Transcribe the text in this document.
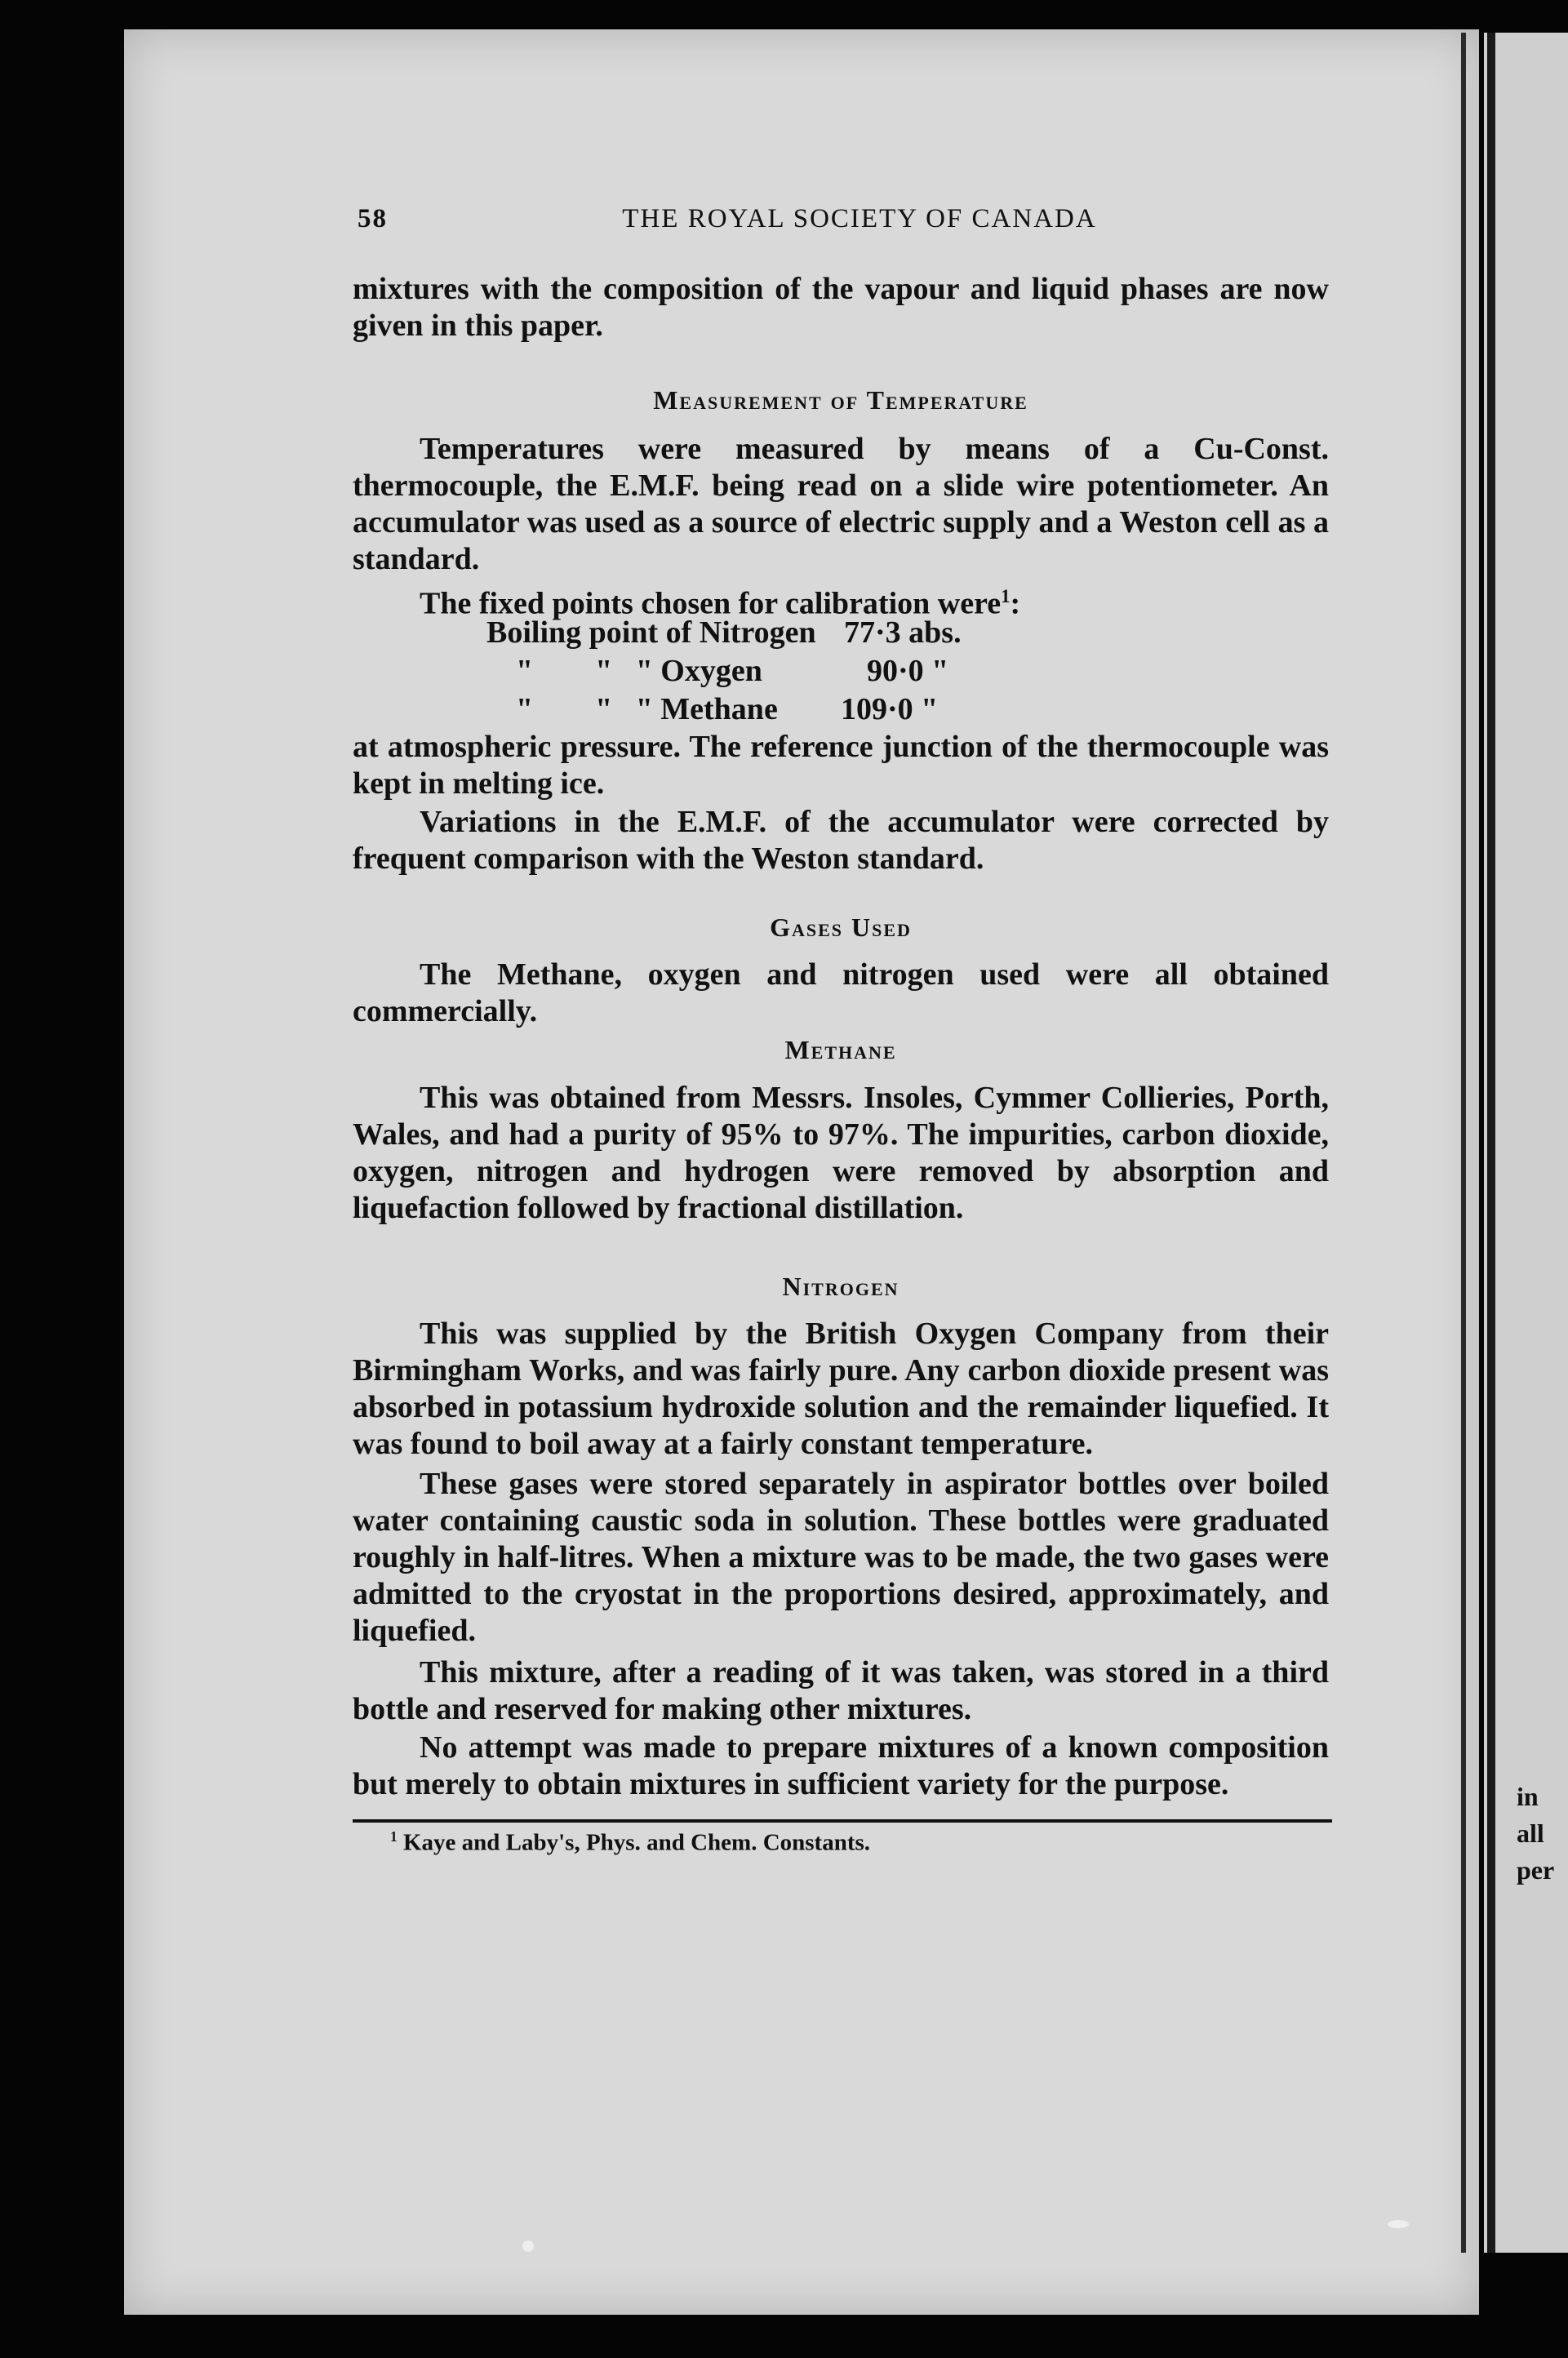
in
all
per
58	THE ROYAL SOCIETY OF CANADA

mixtures with the composition of the vapour and liquid phases are now given in this paper.

Measurement of Temperature

Temperatures were measured by means of a Cu-Const. thermocouple, the E.M.F. being read on a slide wire potentiometer. An accumulator was used as a source of electric supply and a Weston cell as a standard.

The fixed points chosen for calibration were$^1$:

Boiling point of Nitrogen 77·3 abs.
"        "   " Oxygen	90·0 "
"        "   " Methane 109·0 "

at atmospheric pressure. The reference junction of the thermocouple was kept in melting ice.

Variations in the E.M.F. of the accumulator were corrected by frequent comparison with the Weston standard.

Gases Used

The Methane, oxygen and nitrogen used were all obtained commercially.

Methane

This was obtained from Messrs. Insoles, Cymmer Collieries, Porth, Wales, and had a purity of 95% to 97%. The impurities, carbon dioxide, oxygen, nitrogen and hydrogen were removed by absorption and liquefaction followed by fractional distillation.

Nitrogen

This was supplied by the British Oxygen Company from their Birmingham Works, and was fairly pure. Any carbon dioxide present was absorbed in potassium hydroxide solution and the remainder liquefied. It was found to boil away at a fairly constant temperature.

These gases were stored separately in aspirator bottles over boiled water containing caustic soda in solution. These bottles were graduated roughly in half-litres. When a mixture was to be made, the two gases were admitted to the cryostat in the proportions desired, approximately, and liquefied.

This mixture, after a reading of it was taken, was stored in a third bottle and reserved for making other mixtures.

No attempt was made to prepare mixtures of a known composition but merely to obtain mixtures in sufficient variety for the purpose.

$^1$ Kaye and Laby's, Phys. and Chem. Constants.
